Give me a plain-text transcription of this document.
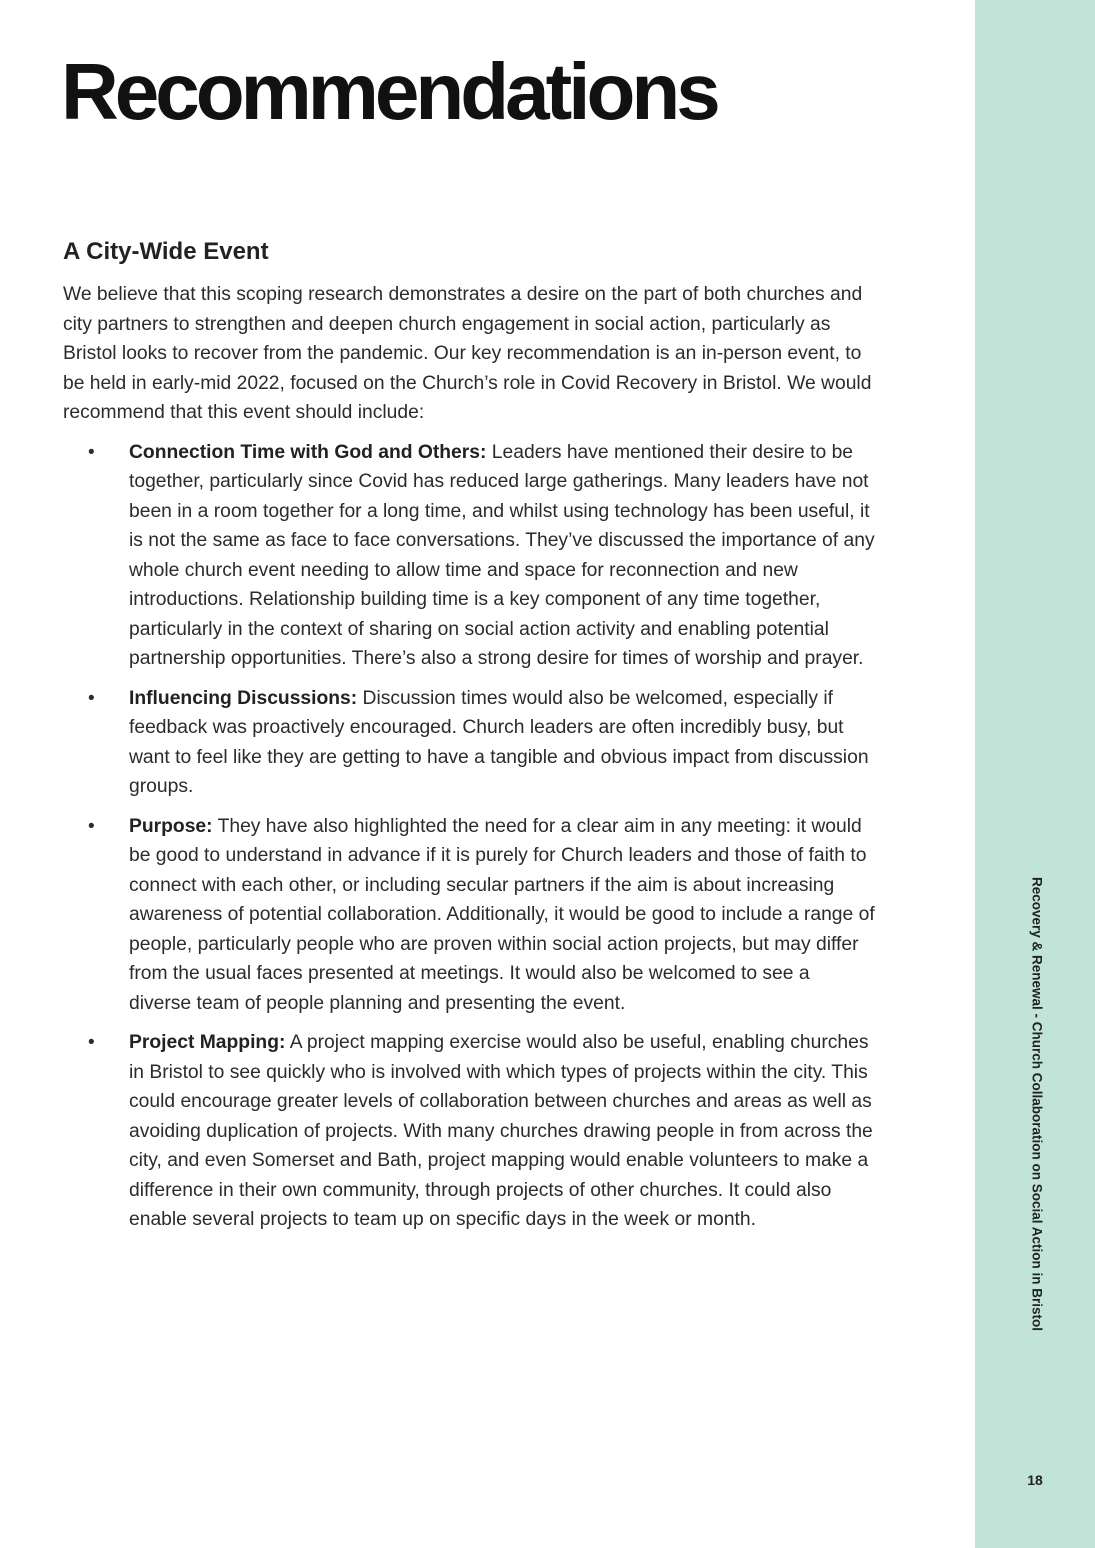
Recovery & Renewal - Church Collaboration on Social Action in Bristol
18
Recommendations
A City-Wide Event

We believe that this scoping research demonstrates a desire on the part of both churches and city partners to strengthen and deepen church engagement in social action, particularly as Bristol looks to recover from the pandemic. Our key recommendation is an in-person event, to be held in early-mid 2022, focused on the Church’s role in Covid Recovery in Bristol. We would recommend that this event should include:

• Connection Time with God and Others: Leaders have mentioned their desire to be together, particularly since Covid has reduced large gatherings. Many leaders have not been in a room together for a long time, and whilst using technology has been useful, it is not the same as face to face conversations. They’ve discussed the importance of any whole church event needing to allow time and space for reconnection and new introductions. Relationship building time is a key component of any time together, particularly in the context of sharing on social action activity and enabling potential partnership opportunities. There’s also a strong desire for times of worship and prayer.
• Influencing Discussions: Discussion times would also be welcomed, especially if feedback was proactively encouraged. Church leaders are often incredibly busy, but want to feel like they are getting to have a tangible and obvious impact from discussion groups.
• Purpose: They have also highlighted the need for a clear aim in any meeting: it would be good to understand in advance if it is purely for Church leaders and those of faith to connect with each other, or including secular partners if the aim is about increasing awareness of potential collaboration. Additionally, it would be good to include a range of people, particularly people who are proven within social action projects, but may differ from the usual faces presented at meetings. It would also be welcomed to see a diverse team of people planning and presenting the event.
• Project Mapping: A project mapping exercise would also be useful, enabling churches in Bristol to see quickly who is involved with which types of projects within the city. This could encourage greater levels of collaboration between churches and areas as well as avoiding duplication of projects. With many churches drawing people in from across the city, and even Somerset and Bath, project mapping would enable volunteers to make a difference in their own community, through projects of other churches. It could also enable several projects to team up on specific days in the week or month.
